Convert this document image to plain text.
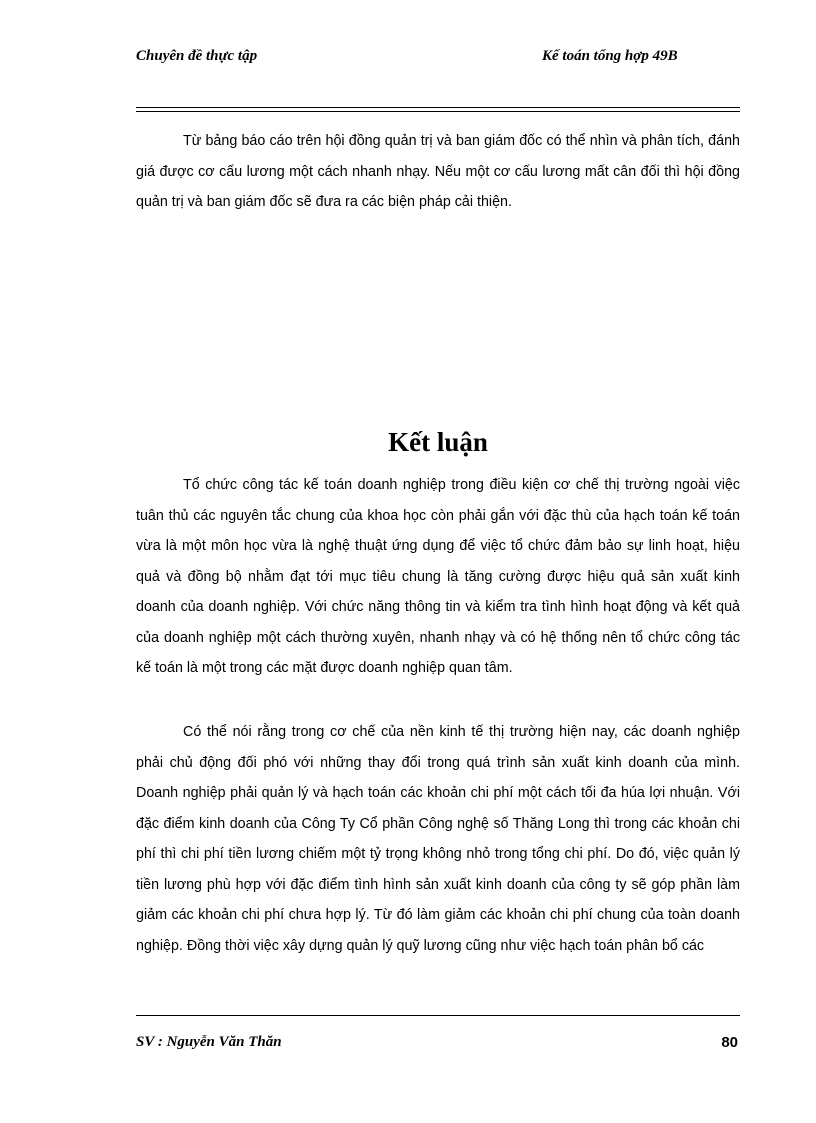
Chuyên đề thực tập	Kế toán tổng hợp 49B

Từ bảng báo cáo trên hội đồng quản trị và ban giám đốc có thể nhìn và phân tích, đánh giá được cơ cấu lương một cách nhanh nhạy. Nếu một cơ cấu lương mất cân đối thì hội đồng quản trị và ban giám đốc sẽ đưa ra các biện pháp cải thiện.

Kết luận

Tổ chức công tác kế toán doanh nghiệp trong điều kiện cơ chế thị trường ngoài việc tuân thủ các nguyên tắc chung của khoa học còn phải gắn với đặc thù của hạch toán kế toán vừa là một môn học vừa là nghệ thuật ứng dụng để việc tổ chức đảm bảo sự linh hoạt, hiệu quả và đồng bộ nhằm đạt tới mục tiêu chung là tăng cường được hiệu quả sản xuất kinh doanh của doanh nghiệp. Với chức năng thông tin và kiểm tra tình hình hoạt động và kết quả của doanh nghiệp một cách thường xuyên, nhanh nhạy và có hệ thống nên tổ chức công tác kế toán là một trong các mặt được doanh nghiệp quan tâm.

Có thể nói rằng trong cơ chế của nền kinh tế thị trường hiện nay, các doanh nghiệp phải chủ động đối phó với những thay đổi trong quá trình sản xuất kinh doanh của mình. Doanh nghiệp phải quản lý và hạch toán các khoản chi phí một cách tối đa húa lợi nhuận. Với đặc điểm kinh doanh của Công Ty Cổ phần Công nghệ số Thăng Long thì trong các khoản chi phí thì chi phí tiền lương chiếm một tỷ trọng không nhỏ trong tổng chi phí. Do đó, việc quản lý tiền lương phù hợp với đặc điểm tình hình sản xuất kinh doanh của công ty sẽ góp phần làm giảm các khoản chi phí chưa hợp lý. Từ đó làm giảm các khoản chi phí chung của toàn doanh nghiệp. Đồng thời việc xây dựng quản lý quỹ lương cũng như việc hạch toán phân bổ các

SV : Nguyễn Văn Thăn	80
